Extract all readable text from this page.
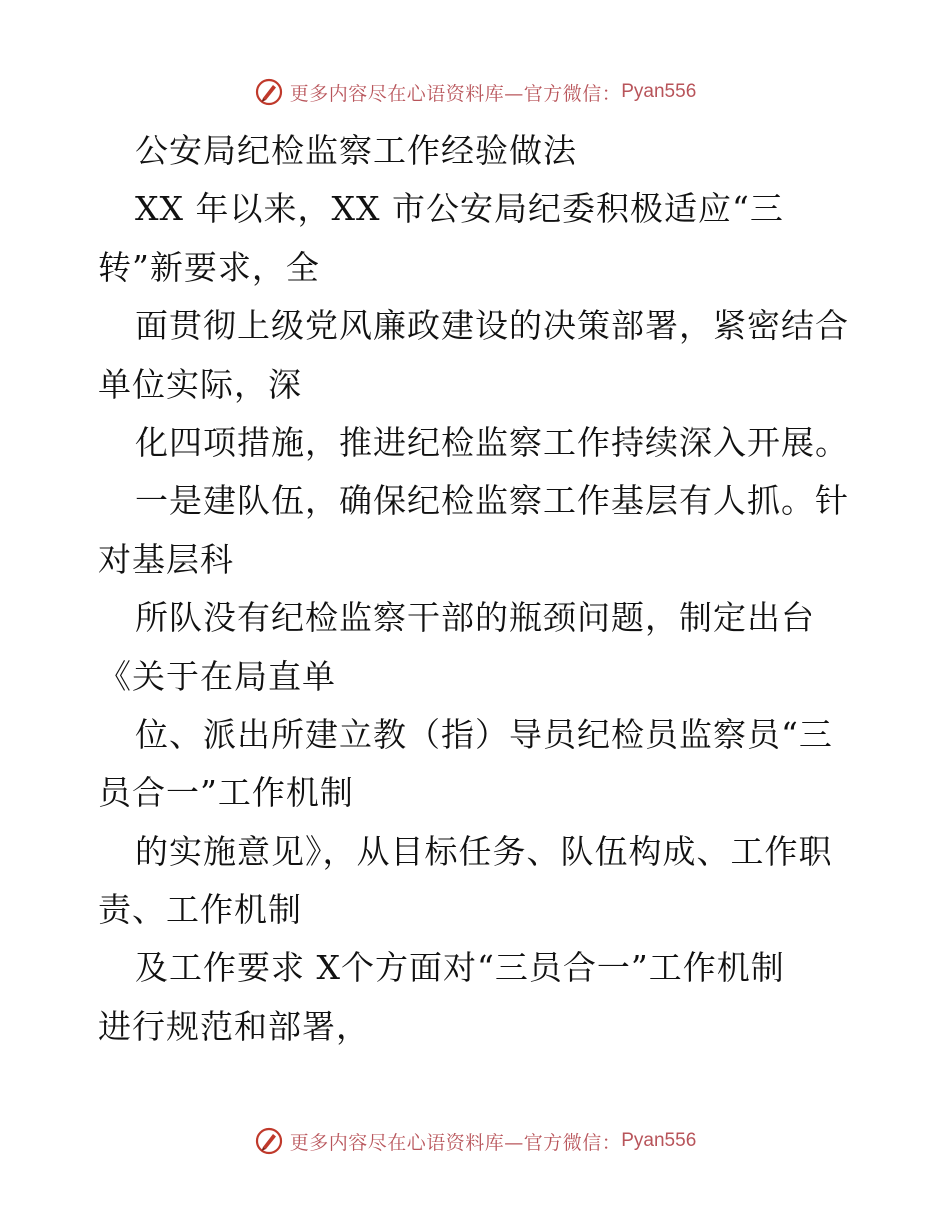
更多内容尽在心语资料库—官方微信： Pyan556
公安局纪检监察工作经验做法
XX 年以来，XX 市公安局纪委积极适应“三
转”新要求，全
面贯彻上级党风廉政建设的决策部署，紧密结合
单位实际，深
化四项措施，推进纪检监察工作持续深入开展。
一是建队伍，确保纪检监察工作基层有人抓。针
对基层科
所队没有纪检监察干部的瓶颈问题，制定出台
《关于在局直单
位、派出所建立教（指）导员纪检员监察员“三
员合一”工作机制
的实施意见》，从目标任务、队伍构成、工作职
责、工作机制
及工作要求 X个方面对“三员合一”工作机制
进行规范和部署，
更多内容尽在心语资料库—官方微信： Pyan556
